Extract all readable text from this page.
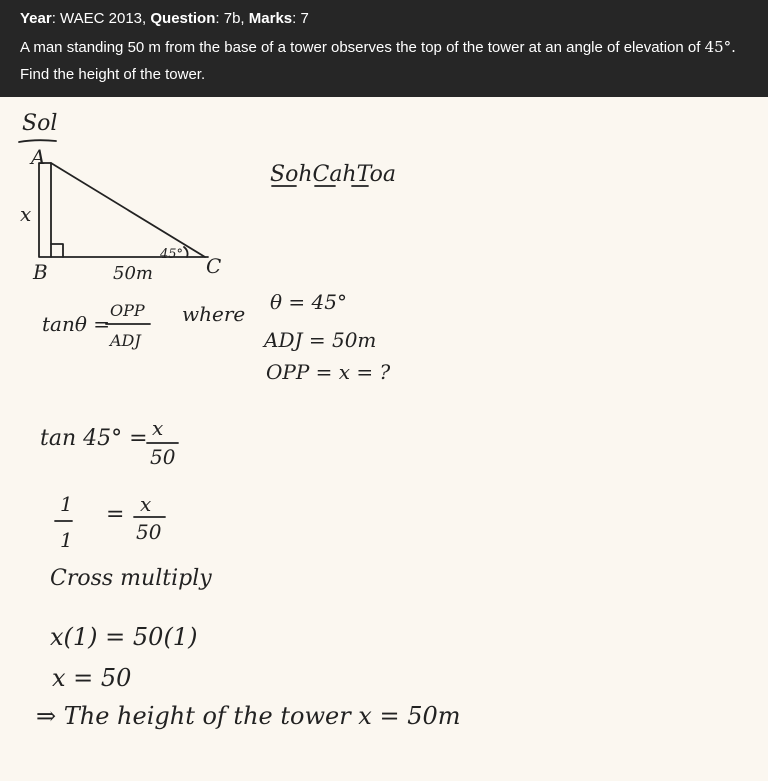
Year: WAEC 2013, Question: 7b, Marks: 7
A man standing 50 m from the base of a tower observes the top of the tower at an angle of elevation of 45°.
Find the height of the tower.
Sol
A
B	C
x
50m
45°
SohCahToa
tanθ =
OPP
ADJ
where θ = 45°
ADJ = 50m
OPP = x = ?
tan 45° = x
50
1
1
= x
50
Cross multiply
x(1) = 50(1)
x = 50
⇒ The height of the tower x = 50m
